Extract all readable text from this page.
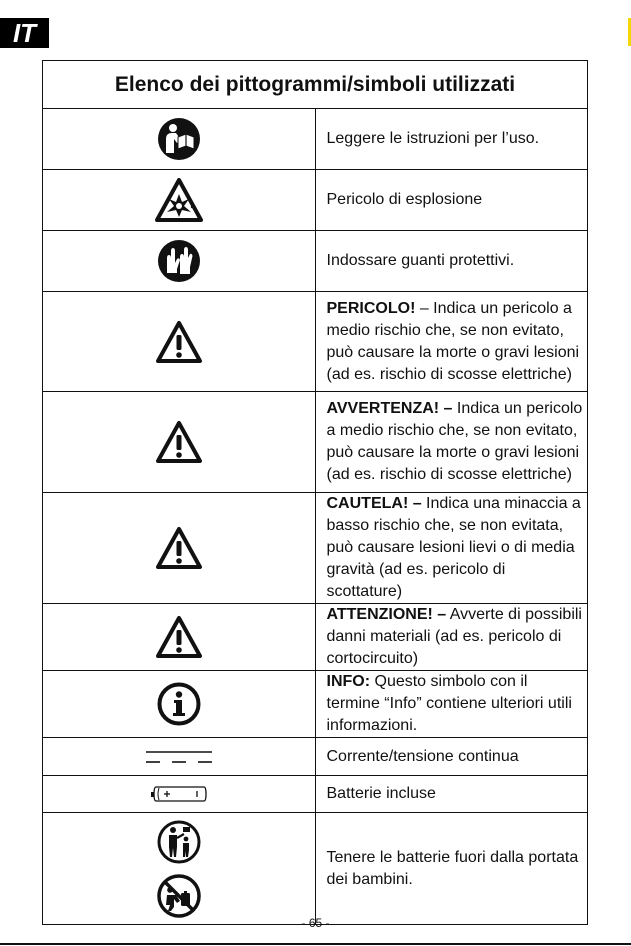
IT
Elenco dei pittogrammi/simboli utilizzati	

	Leggere le istruzioni per l’uso.

	Pericolo di esplosione

	Indossare guanti protettivi.

	PERICOLO! – Indica un pericolo a medio rischio che, se non evitato, può causare la morte o gravi lesioni (ad es. rischio di scosse elettriche)

	AVVERTENZA! – Indica un pericolo a medio rischio che, se non evitato, può causare la morte o gravi lesioni (ad es. rischio di scosse elettriche)

	CAUTELA! – Indica una minaccia a basso rischio che, se non evitata, può causare lesioni lievi o di media gravità (ad es. pericolo di scottature)

	ATTENZIONE! – Avverte di possibili danni materiali (ad es. pericolo di cortocircuito)

	INFO: Questo simbolo con il termine “Info” contiene ulteriori utili informazioni.

	Corrente/tensione continua

	Batterie incluse

	Tenere le batterie fuori dalla portata dei bambini.
- 65 -
